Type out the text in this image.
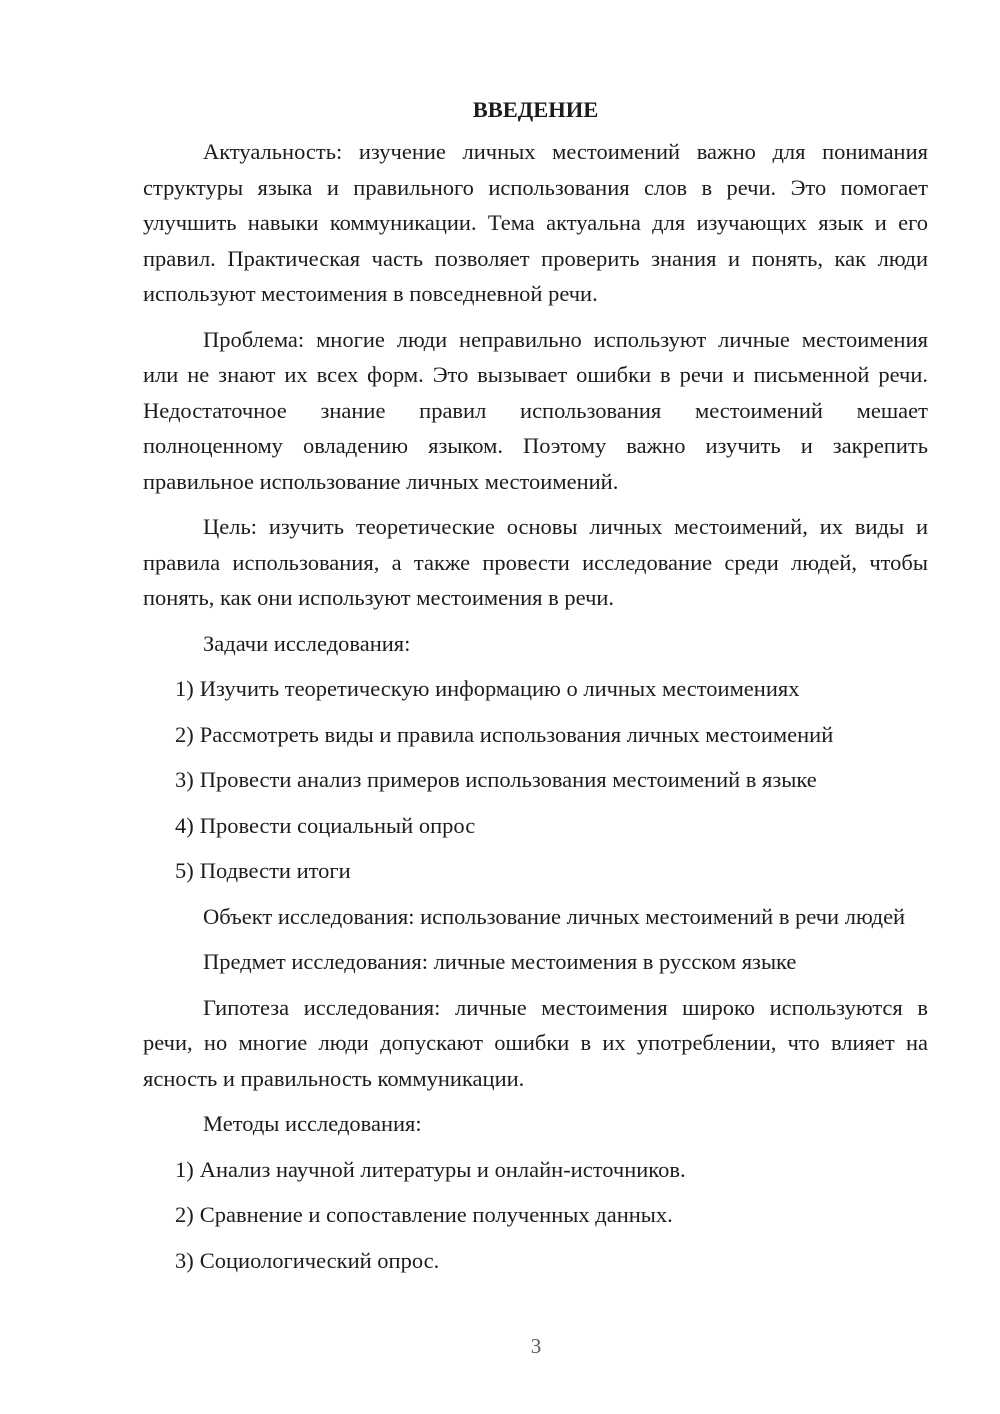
ВВЕДЕНИЕ

Актуальность: изучение личных местоимений важно для понимания структуры языка и правильного использования слов в речи. Это помогает улучшить навыки коммуникации. Тема актуальна для изучающих язык и его правил. Практическая часть позволяет проверить знания и понять, как люди используют местоимения в повседневной речи.

Проблема: многие люди неправильно используют личные местоимения или не знают их всех форм. Это вызывает ошибки в речи и письменной речи. Недостаточное знание правил использования местоимений мешает полноценному овладению языком. Поэтому важно изучить и закрепить правильное использование личных местоимений.

Цель: изучить теоретические основы личных местоимений, их виды и правила использования, а также провести исследование среди людей, чтобы понять, как они используют местоимения в речи.

Задачи исследования:

1) Изучить теоретическую информацию о личных местоимениях
2) Рассмотреть виды и правила использования личных местоимений
3) Провести анализ примеров использования местоимений в языке
4) Провести социальный опрос
5) Подвести итоги

Объект исследования: использование личных местоимений в речи людей

Предмет исследования: личные местоимения в русском языке

Гипотеза исследования: личные местоимения широко используются в речи, но многие люди допускают ошибки в их употреблении, что влияет на ясность и правильность коммуникации.

Методы исследования:

1) Анализ научной литературы и онлайн-источников.
2) Сравнение и сопоставление полученных данных.
3) Социологический опрос.
3
